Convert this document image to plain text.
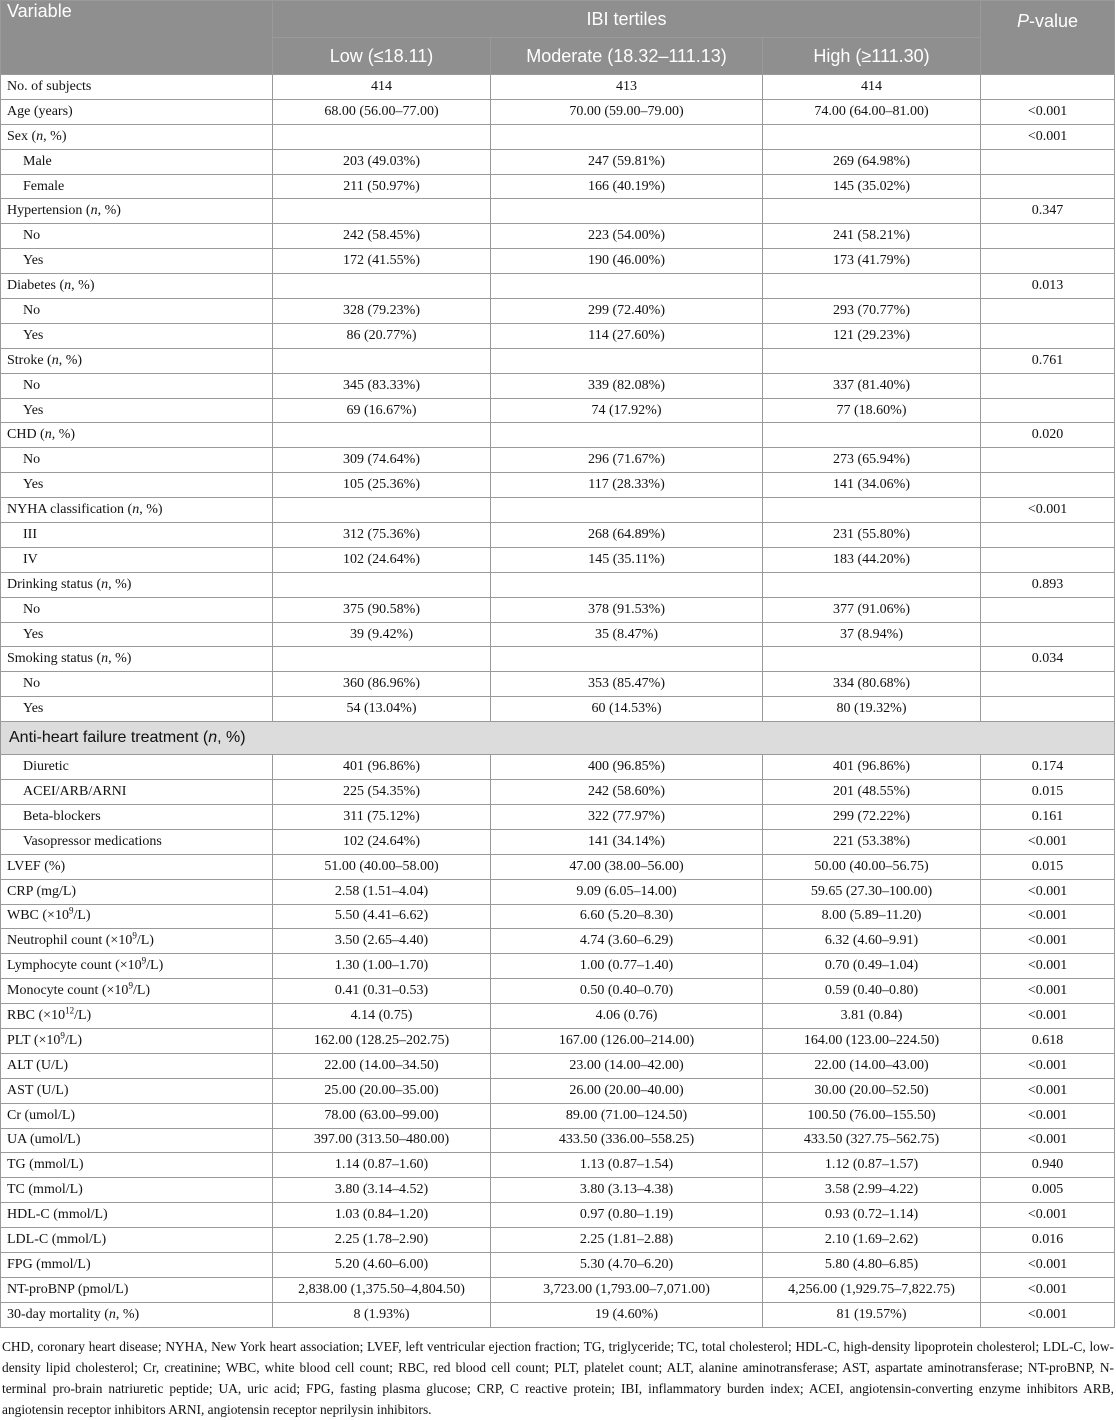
Variable	IBI tertiles			P-value
	Low (≤18.11)	Moderate (18.32–111.13)	High (≥111.30)	
No. of subjects	414	413	414	
Age (years)	68.00 (56.00–77.00)	70.00 (59.00–79.00)	74.00 (64.00–81.00)	<0.001
Sex (n, %)				<0.001
Male	203 (49.03%)	247 (59.81%)	269 (64.98%)	
Female	211 (50.97%)	166 (40.19%)	145 (35.02%)	
Hypertension (n, %)				0.347
No	242 (58.45%)	223 (54.00%)	241 (58.21%)	
Yes	172 (41.55%)	190 (46.00%)	173 (41.79%)	
Diabetes (n, %)				0.013
No	328 (79.23%)	299 (72.40%)	293 (70.77%)	
Yes	86 (20.77%)	114 (27.60%)	121 (29.23%)	
Stroke (n, %)				0.761
No	345 (83.33%)	339 (82.08%)	337 (81.40%)	
Yes	69 (16.67%)	74 (17.92%)	77 (18.60%)	
CHD (n, %)				0.020
No	309 (74.64%)	296 (71.67%)	273 (65.94%)	
Yes	105 (25.36%)	117 (28.33%)	141 (34.06%)	
NYHA classification (n, %)				<0.001
III	312 (75.36%)	268 (64.89%)	231 (55.80%)	
IV	102 (24.64%)	145 (35.11%)	183 (44.20%)	
Drinking status (n, %)				0.893
No	375 (90.58%)	378 (91.53%)	377 (91.06%)	
Yes	39 (9.42%)	35 (8.47%)	37 (8.94%)	
Smoking status (n, %)				0.034
No	360 (86.96%)	353 (85.47%)	334 (80.68%)	
Yes	54 (13.04%)	60 (14.53%)	80 (19.32%)	
Anti-heart failure treatment (n, %)				
Diuretic	401 (96.86%)	400 (96.85%)	401 (96.86%)	0.174
ACEI/ARB/ARNI	225 (54.35%)	242 (58.60%)	201 (48.55%)	0.015
Beta-blockers	311 (75.12%)	322 (77.97%)	299 (72.22%)	0.161
Vasopressor medications	102 (24.64%)	141 (34.14%)	221 (53.38%)	<0.001
LVEF (%)	51.00 (40.00–58.00)	47.00 (38.00–56.00)	50.00 (40.00–56.75)	0.015
CRP (mg/L)	2.58 (1.51–4.04)	9.09 (6.05–14.00)	59.65 (27.30–100.00)	<0.001
WBC $(\times 10^9/L)$	5.50 (4.41–6.62)	6.60 (5.20–8.30)	8.00 (5.89–11.20)	<0.001
Neutrophil count $(\times 10^9/L)$	3.50 (2.65–4.40)	4.74 (3.60–6.29)	6.32 (4.60–9.91)	<0.001
Lymphocyte count $(\times 10^9/L)$	1.30 (1.00–1.70)	1.00 (0.77–1.40)	0.70 (0.49–1.04)	<0.001
Monocyte count $(\times 10^9/L)$	0.41 (0.31–0.53)	0.50 (0.40–0.70)	0.59 (0.40–0.80)	<0.001
RBC $(\times 10^{12}/L)$	4.14 (0.75)	4.06 (0.76)	3.81 (0.84)	<0.001
PLT $(\times 10^9/L)$	162.00 (128.25–202.75)	167.00 (126.00–214.00)	164.00 (123.00–224.50)	0.618
ALT (U/L)	22.00 (14.00–34.50)	23.00 (14.00–42.00)	22.00 (14.00–43.00)	<0.001
AST (U/L)	25.00 (20.00–35.00)	26.00 (20.00–40.00)	30.00 (20.00–52.50)	<0.001
Cr (umol/L)	78.00 (63.00–99.00)	89.00 (71.00–124.50)	100.50 (76.00–155.50)	<0.001
UA (umol/L)	397.00 (313.50–480.00)	433.50 (336.00–558.25)	433.50 (327.75–562.75)	<0.001
TG (mmol/L)	1.14 (0.87–1.60)	1.13 (0.87–1.54)	1.12 (0.87–1.57)	0.940
TC (mmol/L)	3.80 (3.14–4.52)	3.80 (3.13–4.38)	3.58 (2.99–4.22)	0.005
HDL-C (mmol/L)	1.03 (0.84–1.20)	0.97 (0.80–1.19)	0.93 (0.72–1.14)	<0.001
LDL-C (mmol/L)	2.25 (1.78–2.90)	2.25 (1.81–2.88)	2.10 (1.69–2.62)	0.016
FPG (mmol/L)	5.20 (4.60–6.00)	5.30 (4.70–6.20)	5.80 (4.80–6.85)	<0.001
NT-proBNP (pmol/L)	2,838.00 (1,375.50–4,804.50)	3,723.00 (1,793.00–7,071.00)	4,256.00 (1,929.75–7,822.75)	<0.001
30-day mortality (n, %)	8 (1.93%)	19 (4.60%)	81 (19.57%)	<0.001
CHD, coronary heart disease; NYHA, New York heart association; LVEF, left ventricular ejection fraction; TG, triglyceride; TC, total cholesterol; HDL-C, high-density lipoprotein cholesterol; LDL-C, low-density lipid cholesterol; Cr, creatinine; WBC, white blood cell count; RBC, red blood cell count; PLT, platelet count; ALT, alanine aminotransferase; AST, aspartate aminotransferase; NT-proBNP, N-terminal pro-brain natriuretic peptide; UA, uric acid; FPG, fasting plasma glucose; CRP, C reactive protein; IBI, inflammatory burden index; ACEI, angiotensin-converting enzyme inhibitors ARB, angiotensin receptor inhibitors ARNI, angiotensin receptor neprilysin inhibitors.
